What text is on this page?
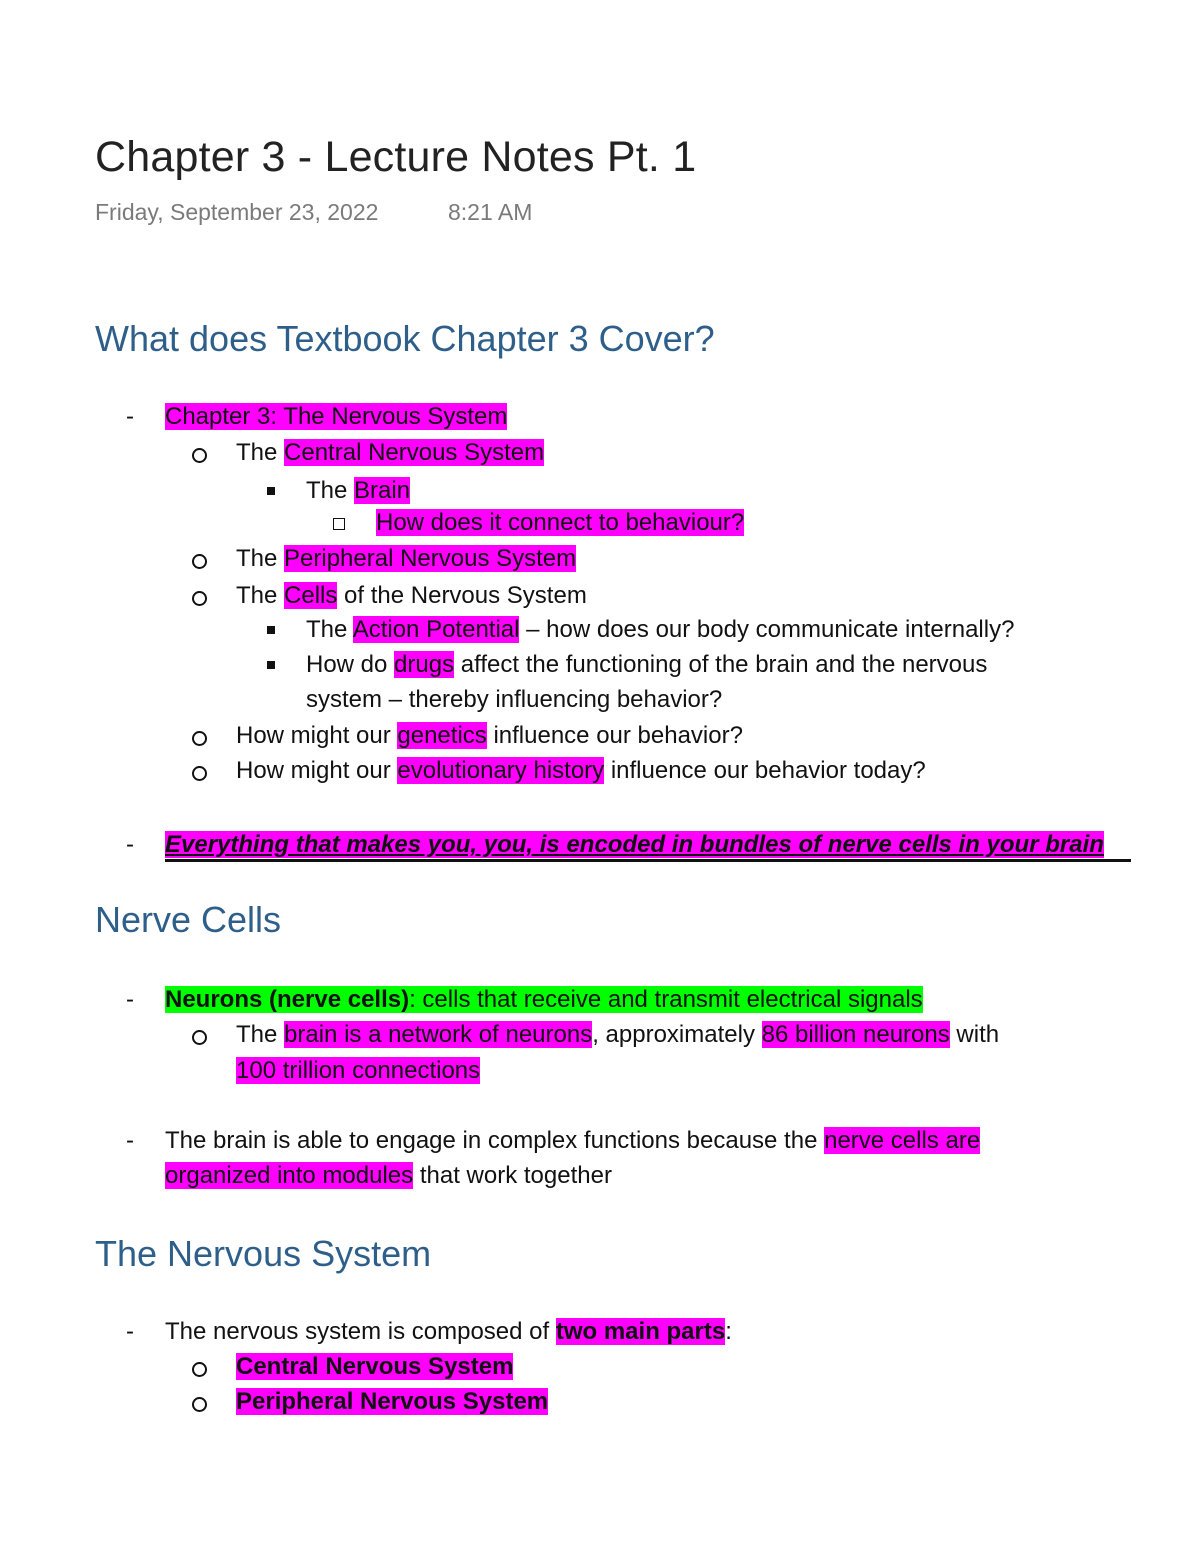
Chapter 3 - Lecture Notes Pt. 1
Friday, September 23, 2022	8:21 AM
What does Textbook Chapter 3 Cover?
- Chapter 3: The Nervous System
The Central Nervous System
The Brain
How does it connect to behaviour?
The Peripheral Nervous System
The Cells of the Nervous System
The Action Potential – how does our body communicate internally?
How do drugs affect the functioning of the brain and the nervous
system – thereby influencing behavior?
How might our genetics influence our behavior?
How might our evolutionary history influence our behavior today?
- Everything that makes you, you, is encoded in bundles of nerve cells in your brain
Nerve Cells
- Neurons (nerve cells): cells that receive and transmit electrical signals
The brain is a network of neurons, approximately 86 billion neurons with
100 trillion connections
- The brain is able to engage in complex functions because the nerve cells are
organized into modules that work together
The Nervous System
- The nervous system is composed of two main parts:
Central Nervous System
Peripheral Nervous System
